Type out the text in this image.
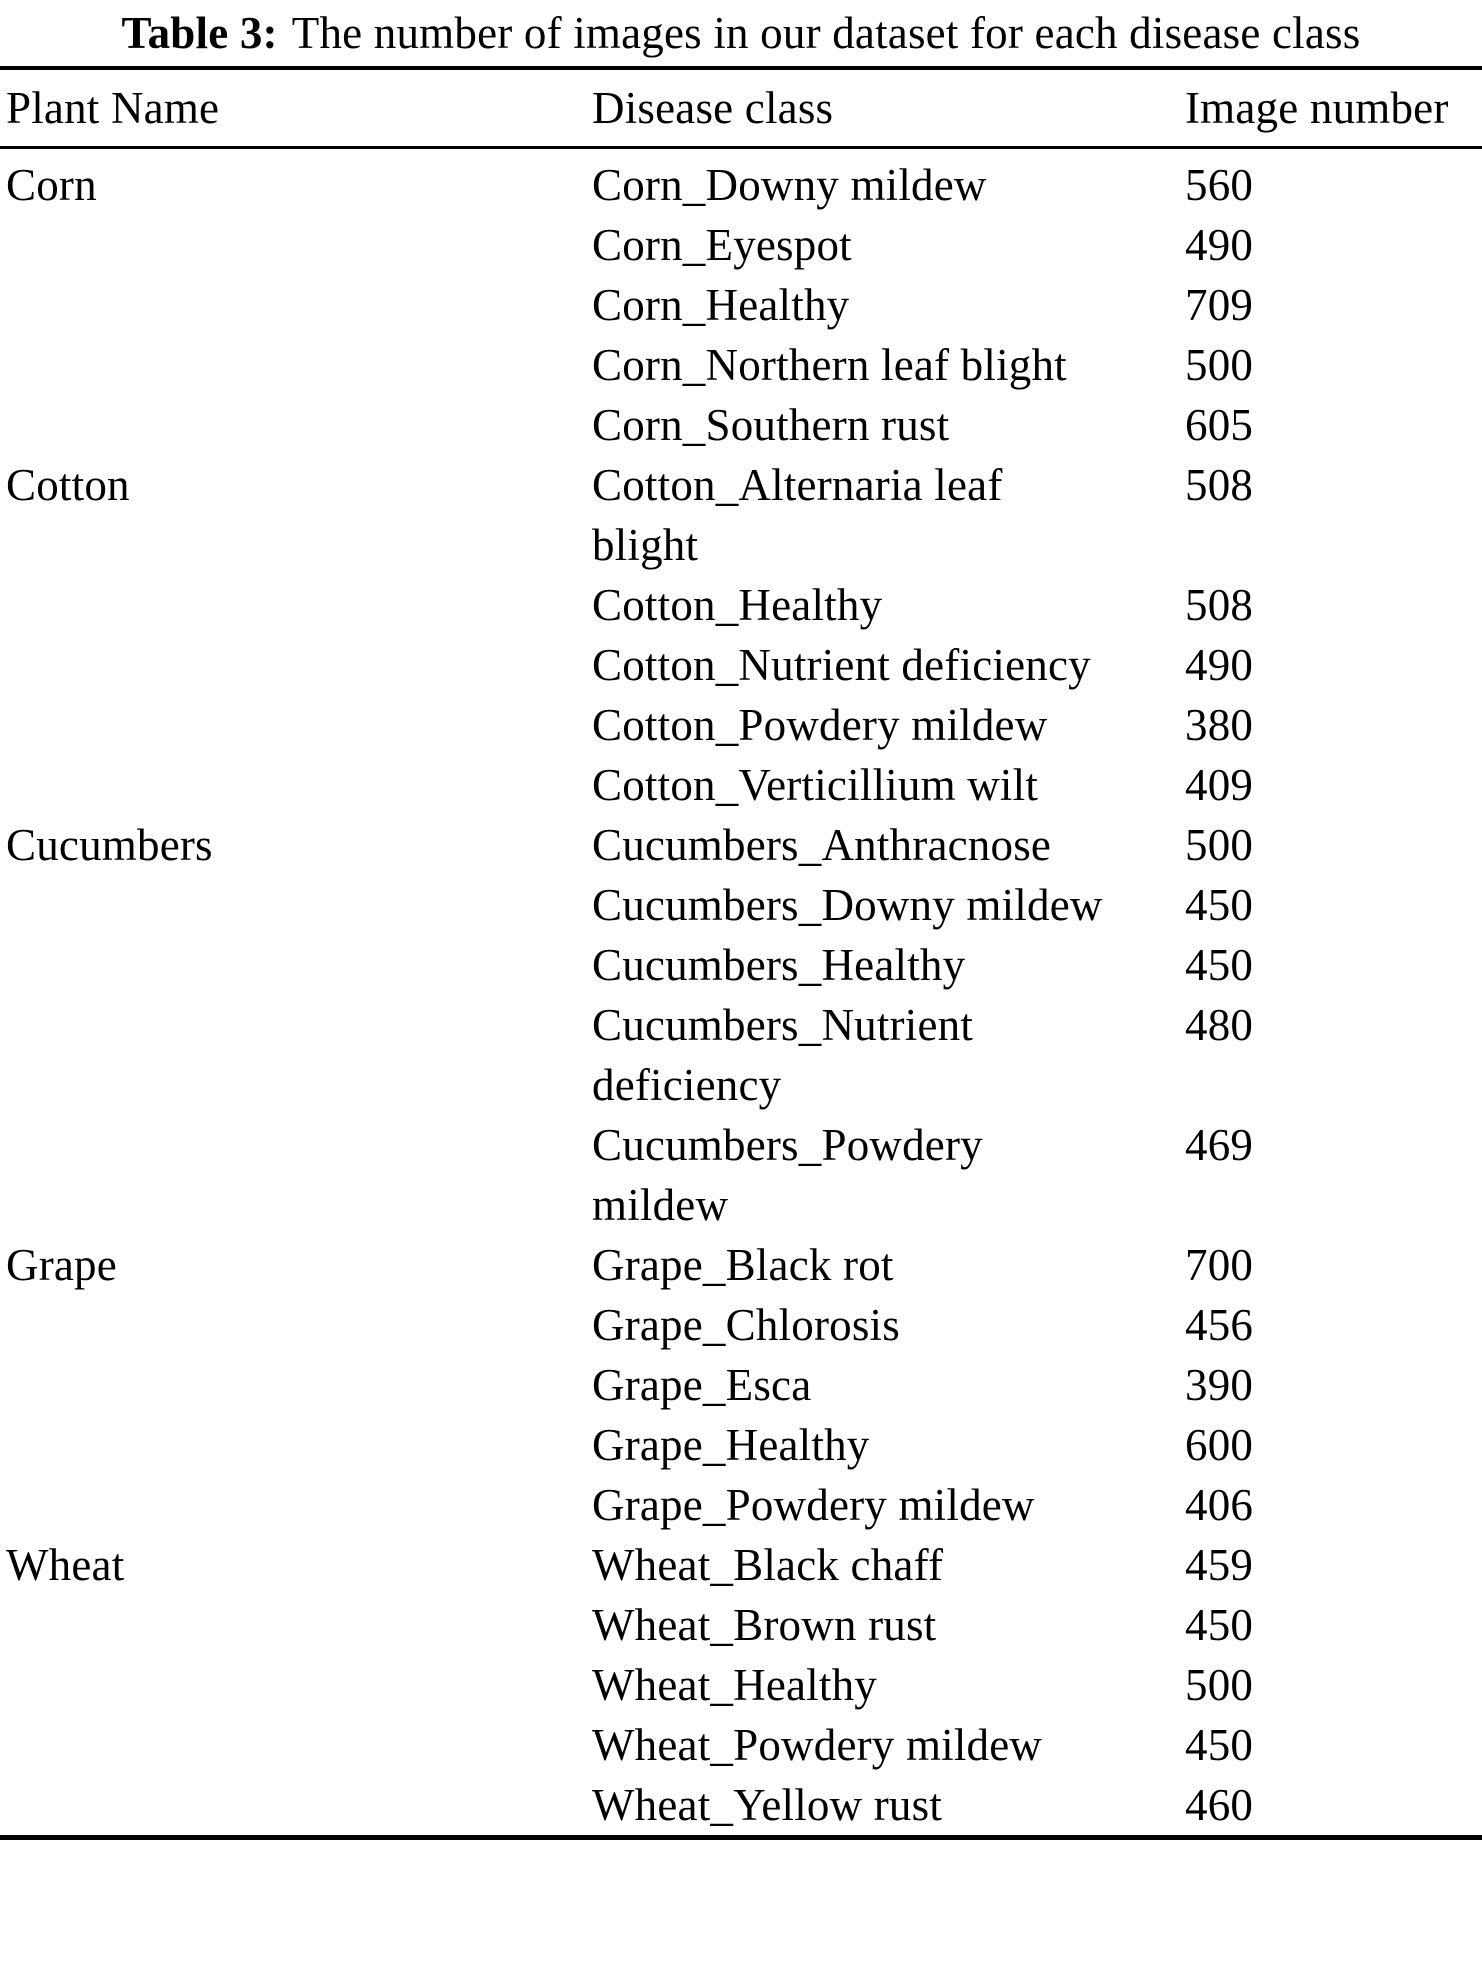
Table 3: The number of images in our dataset for each disease class
Plant Name	Disease class	Image number
Corn	Corn_Downy mildew	560
	Corn_Eyespot	490
	Corn_Healthy	709
	Corn_Northern leaf blight	500
	Corn_Southern rust	605
Cotton	Cotton_Alternaria leaf blight	508
	Cotton_Healthy	508
	Cotton_Nutrient deficiency	490
	Cotton_Powdery mildew	380
	Cotton_Verticillium wilt	409
Cucumbers	Cucumbers_Anthracnose	500
	Cucumbers_Downy mildew	450
	Cucumbers_Healthy	450
	Cucumbers_Nutrient deficiency	480
	Cucumbers_Powdery mildew	469
Grape	Grape_Black rot	700
	Grape_Chlorosis	456
	Grape_Esca	390
	Grape_Healthy	600
	Grape_Powdery mildew	406
Wheat	Wheat_Black chaff	459
	Wheat_Brown rust	450
	Wheat_Healthy	500
	Wheat_Powdery mildew	450
	Wheat_Yellow rust	460
